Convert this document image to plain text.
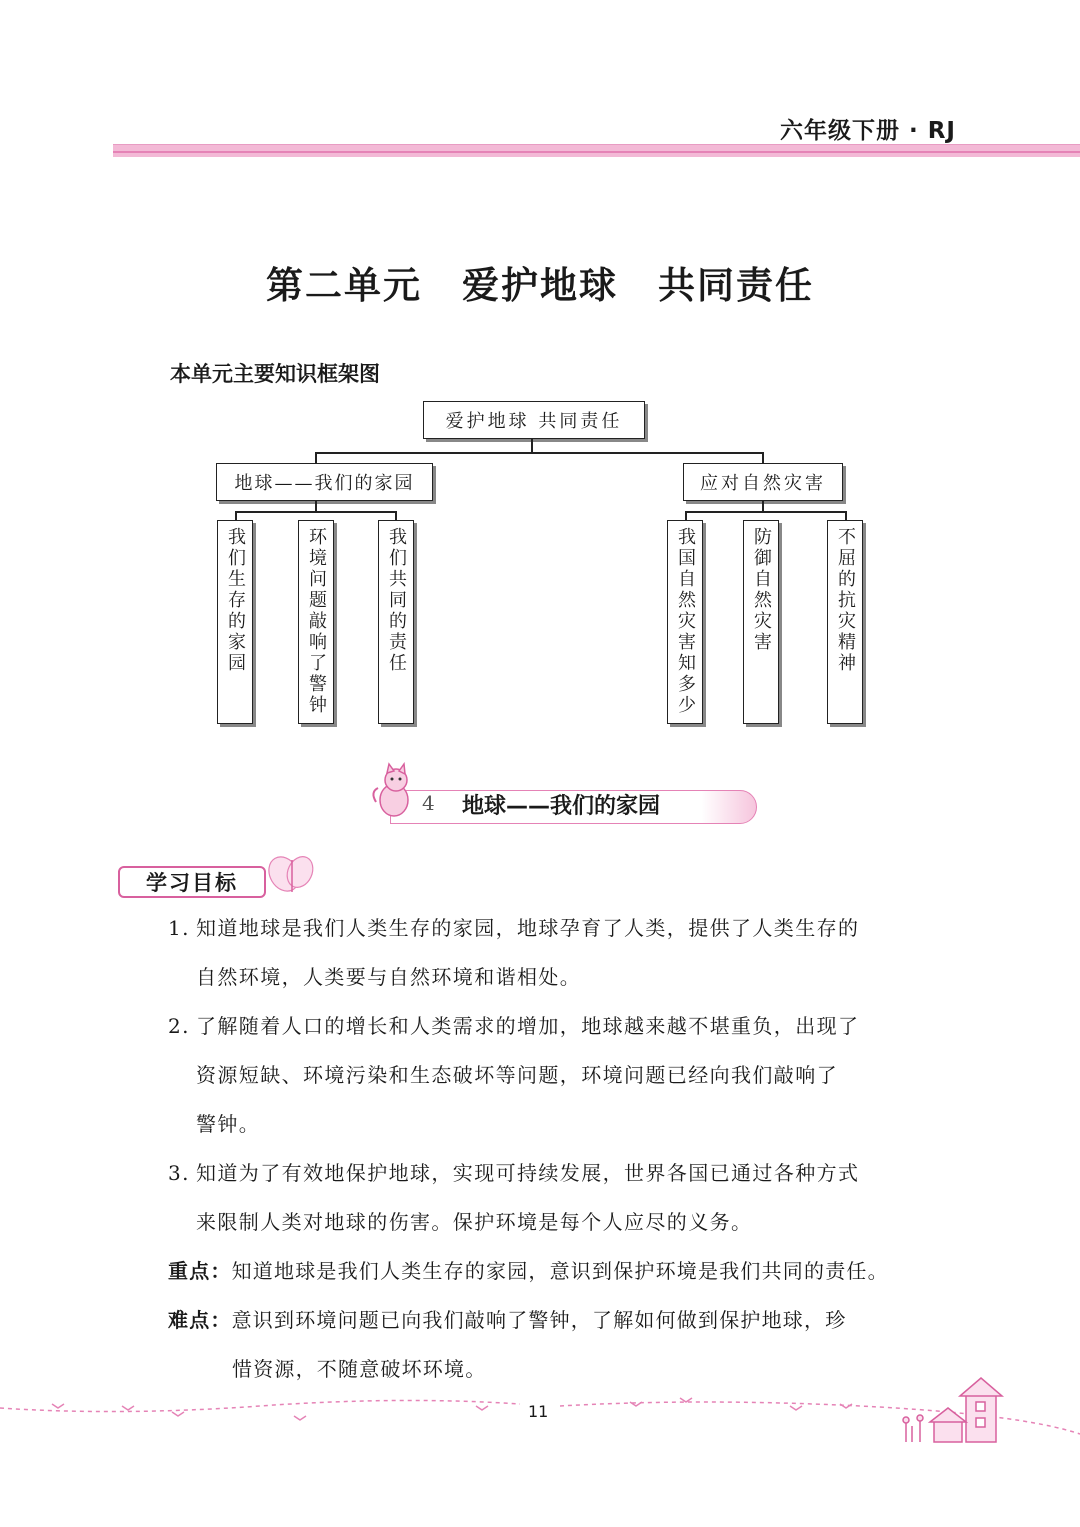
六年级下册 · RJ
第二单元 爱护地球 共同责任
本单元主要知识框架图
爱护地球 共同责任
地球——我们的家园	应对自然灾害
我们生存的家园	环境问题敲响了警钟	我们共同的责任	我国自然灾害知多少	防御自然灾害	不屈的抗灾精神
4 地球——我们的家园
学习目标
1. 知道地球是我们人类生存的家园，地球孕育了人类，提供了人类生存的
自然环境，人类要与自然环境和谐相处。
2. 了解随着人口的增长和人类需求的增加，地球越来越不堪重负，出现了
资源短缺、环境污染和生态破坏等问题，环境问题已经向我们敲响了
警钟。
3. 知道为了有效地保护地球，实现可持续发展，世界各国已通过各种方式
来限制人类对地球的伤害。保护环境是每个人应尽的义务。
重点：知道地球是我们人类生存的家园，意识到保护环境是我们共同的责任。
难点：意识到环境问题已向我们敲响了警钟，了解如何做到保护地球，珍
惜资源，不随意破坏环境。
11
